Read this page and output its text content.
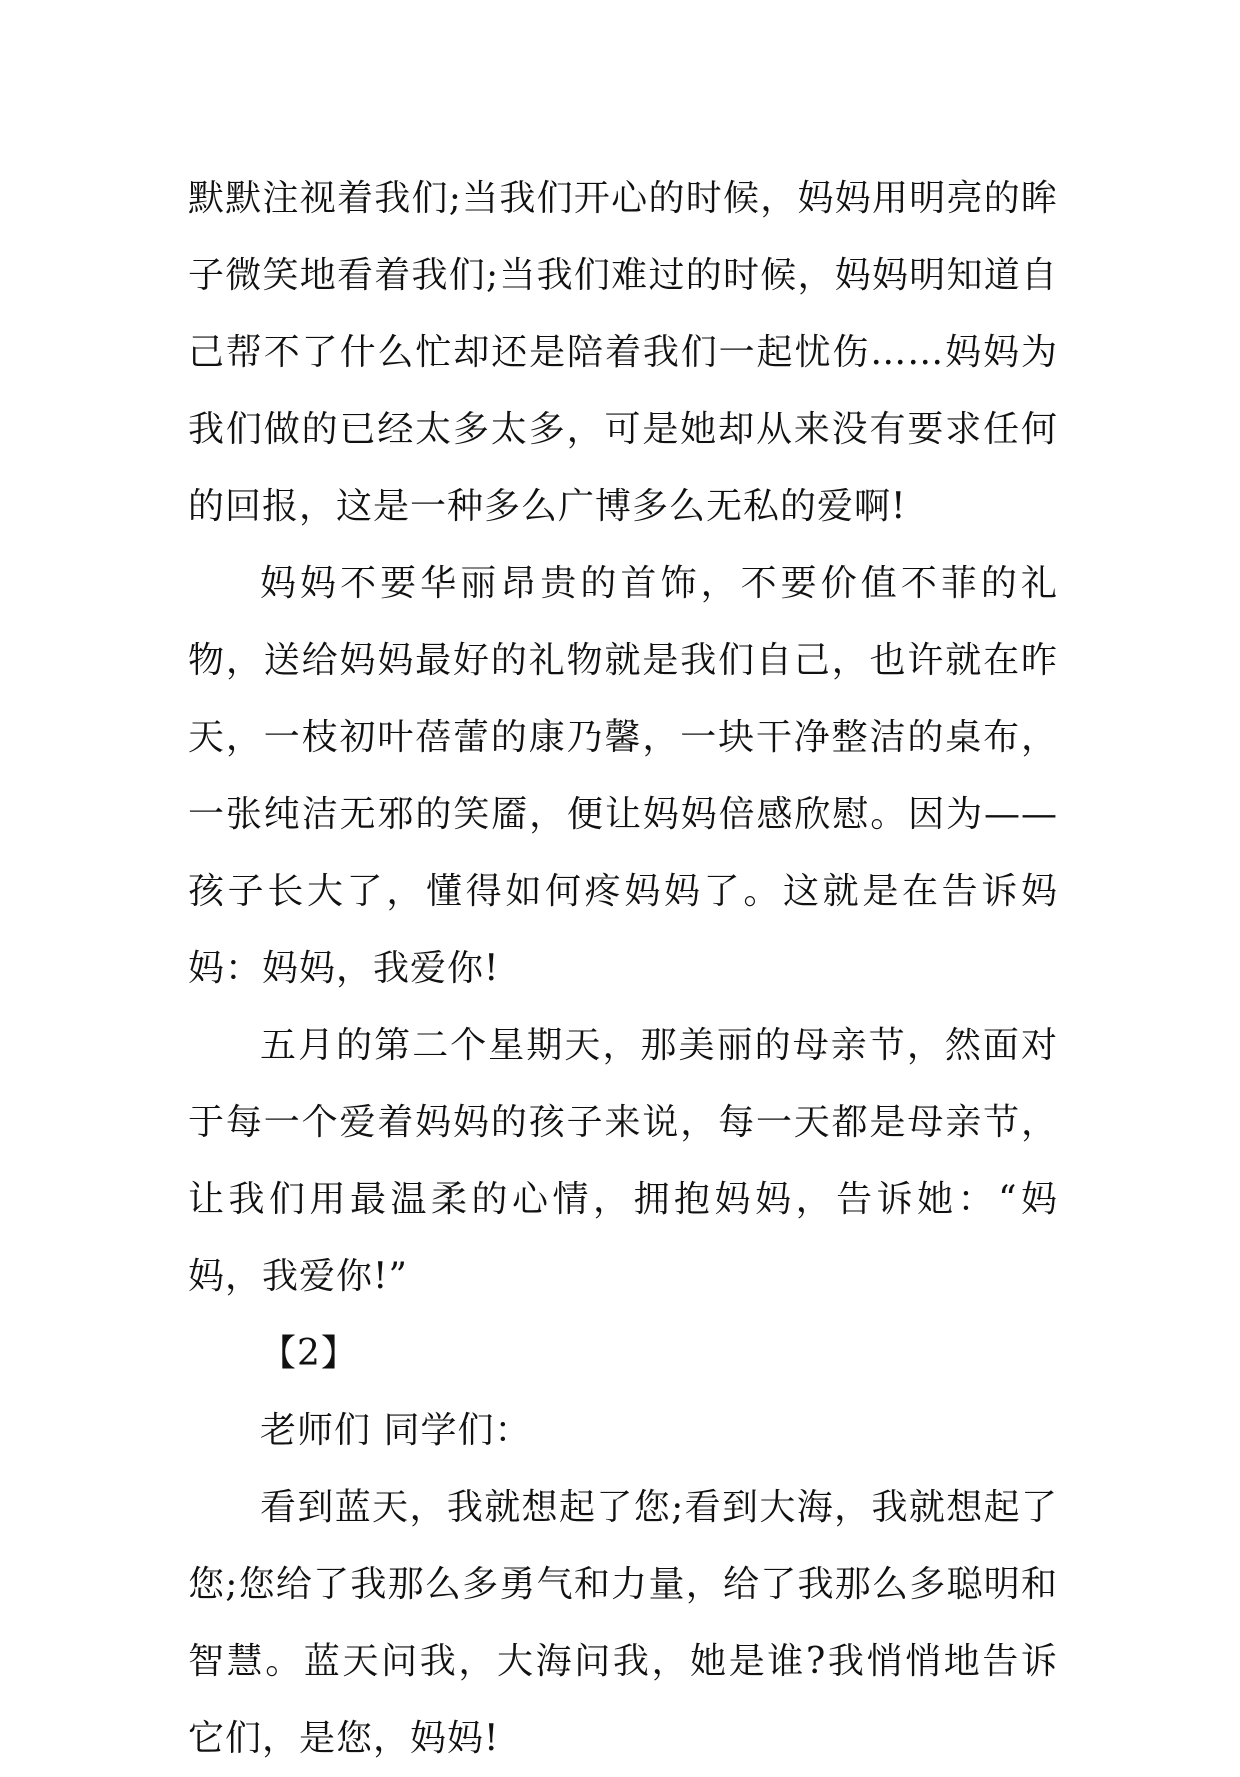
默默注视着我们;当我们开心的时候，妈妈用明亮的眸子微笑地看着我们;当我们难过的时候，妈妈明知道自己帮不了什么忙却还是陪着我们一起忧伤……妈妈为我们做的已经太多太多，可是她却从来没有要求任何的回报，这是一种多么广博多么无私的爱啊!

妈妈不要华丽昂贵的首饰，不要价值不菲的礼物，送给妈妈最好的礼物就是我们自己，也许就在昨天，一枝初叶蓓蕾的康乃馨，一块干净整洁的桌布，一张纯洁无邪的笑靥，便让妈妈倍感欣慰。因为——孩子长大了，懂得如何疼妈妈了。这就是在告诉妈妈：妈妈，我爱你!

五月的第二个星期天，那美丽的母亲节，然面对于每一个爱着妈妈的孩子来说，每一天都是母亲节，让我们用最温柔的心情，拥抱妈妈，告诉她：“妈妈，我爱你!”

【2】

老师们 同学们：

看到蓝天，我就想起了您;看到大海，我就想起了您;您给了我那么多勇气和力量，给了我那么多聪明和智慧。蓝天问我，大海问我，她是谁?我悄悄地告诉它们，是您，妈妈!
